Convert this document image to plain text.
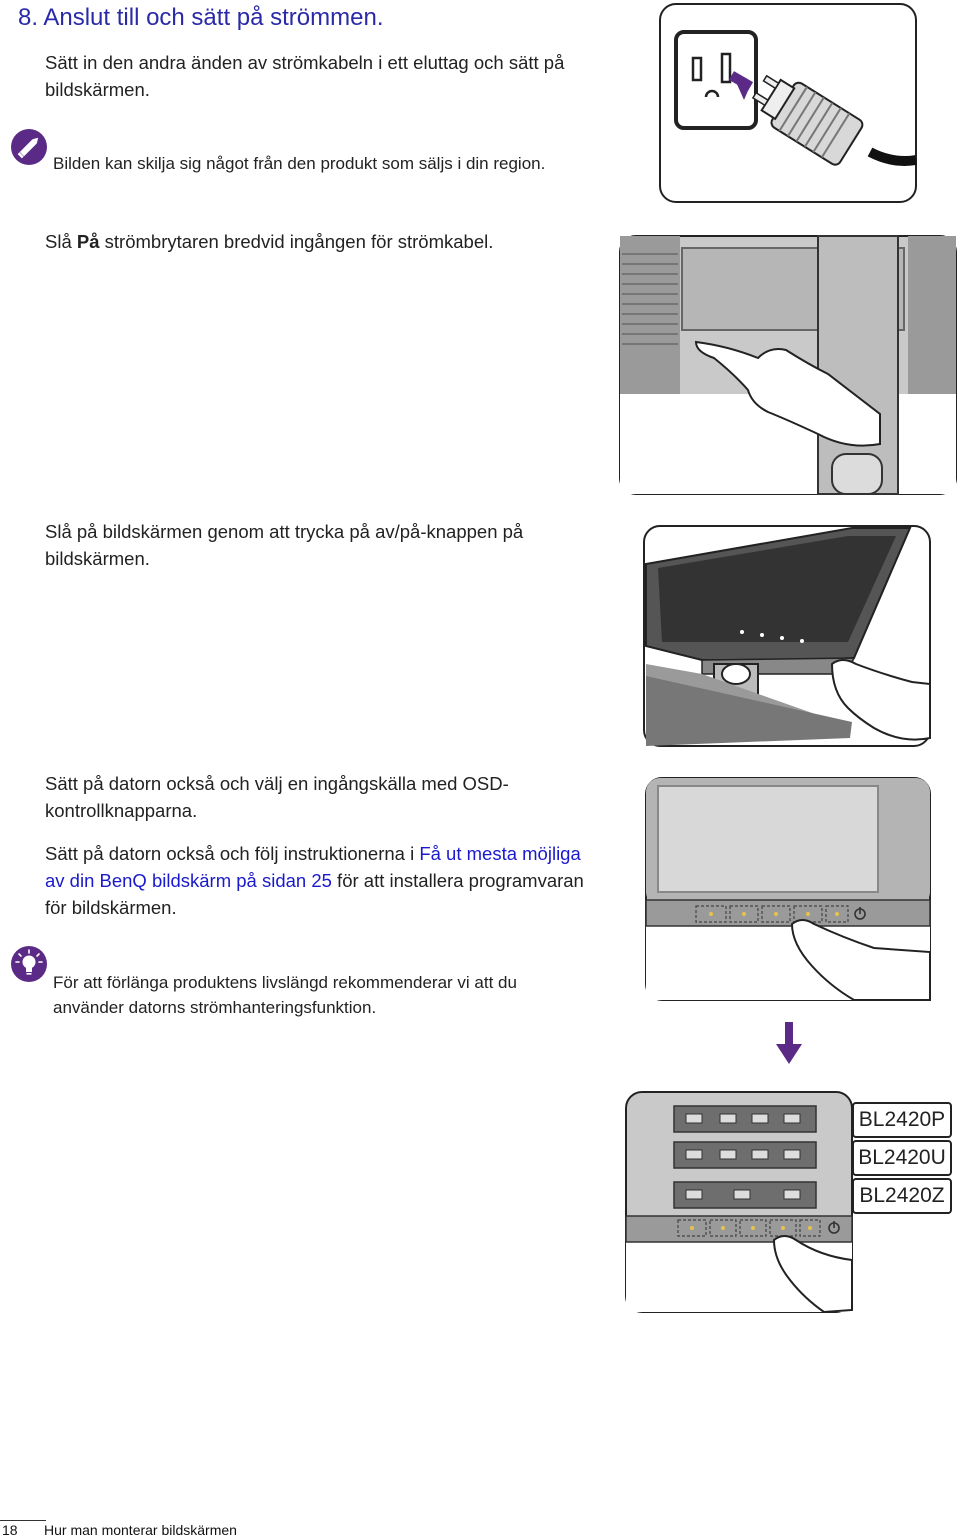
8. Anslut till och sätt på strömmen.

Sätt in den andra änden av strömkabeln i ett eluttag och sätt på bildskärmen.

Bilden kan skilja sig något från den produkt som säljs i din region.

Slå På strömbrytaren bredvid ingången för strömkabel.

Slå på bildskärmen genom att trycka på av/på-knappen på bildskärmen.

Sätt på datorn också och välj en ingångskälla med OSD-kontrollknapparna.

Sätt på datorn också och följ instruktionerna i Få ut mesta möjliga av din BenQ bildskärm på sidan 25 för att installera programvaran för bildskärmen.

För att förlänga produktens livslängd rekommenderar vi att du använder datorns strömhanteringsfunktion.

BL2420P
BL2420U
BL2420Z
18 Hur man monterar bildskärmen
